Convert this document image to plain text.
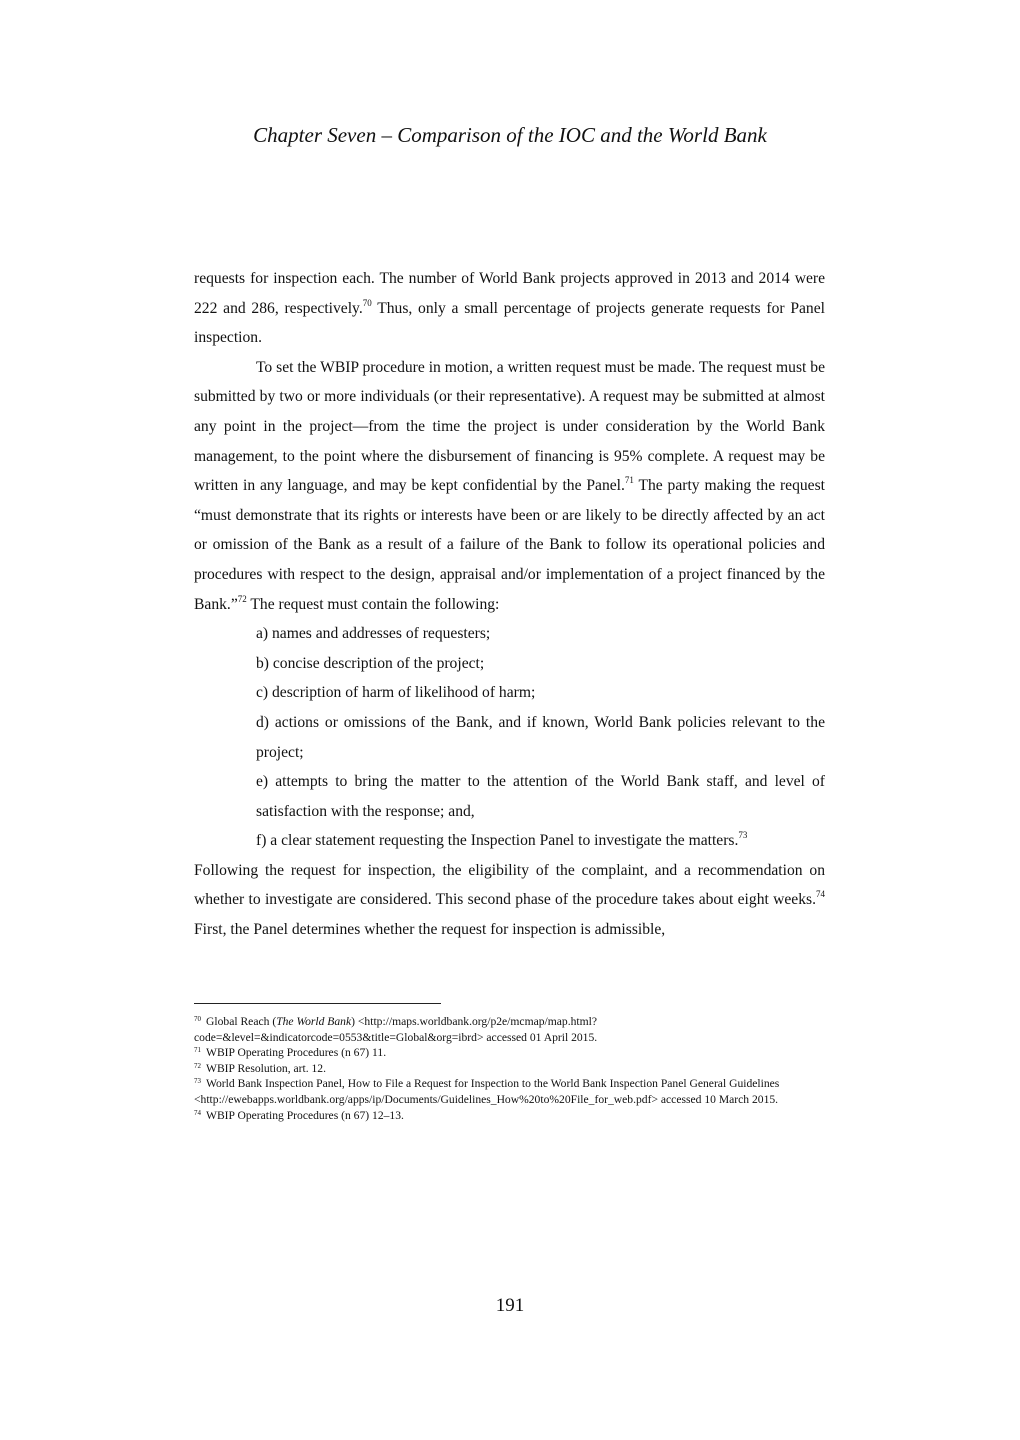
Chapter Seven – Comparison of the IOC and the World Bank

requests for inspection each. The number of World Bank projects approved in 2013 and 2014 were 222 and 286, respectively.$^{70}$ Thus, only a small percentage of projects generate requests for Panel inspection.

To set the WBIP procedure in motion, a written request must be made. The request must be submitted by two or more individuals (or their representative). A request may be submitted at almost any point in the project—from the time the project is under consideration by the World Bank management, to the point where the disbursement of financing is 95% complete. A request may be written in any language, and may be kept confidential by the Panel.$^{71}$ The party making the request “must demonstrate that its rights or interests have been or are likely to be directly affected by an act or omission of the Bank as a result of a failure of the Bank to follow its operational policies and procedures with respect to the design, appraisal and/or implementation of a project financed by the Bank.”$^{72}$ The request must contain the following:

a) names and addresses of requesters;

b) concise description of the project;

c) description of harm of likelihood of harm;

d) actions or omissions of the Bank, and if known, World Bank policies relevant to the project;

e) attempts to bring the matter to the attention of the World Bank staff, and level of satisfaction with the response; and,

f) a clear statement requesting the Inspection Panel to investigate the matters.$^{73}$

Following the request for inspection, the eligibility of the complaint, and a recommendation on whether to investigate are considered. This second phase of the procedure takes about eight weeks.$^{74}$ First, the Panel determines whether the request for inspection is admissible,

$^{70}$ Global Reach (The World Bank) <http://maps.worldbank.org/p2e/mcmap/map.html?code=&level=&indicatorcode=0553&title=Global&org=ibrd> accessed 01 April 2015.

$^{71}$ WBIP Operating Procedures (n 67) 11.

$^{72}$ WBIP Resolution, art. 12.

$^{73}$ World Bank Inspection Panel, How to File a Request for Inspection to the World Bank Inspection Panel General Guidelines <http://ewebapps.worldbank.org/apps/ip/Documents/Guidelines_How%20to%20File_for_web.pdf> accessed 10 March 2015.

$^{74}$ WBIP Operating Procedures (n 67) 12–13.

191
